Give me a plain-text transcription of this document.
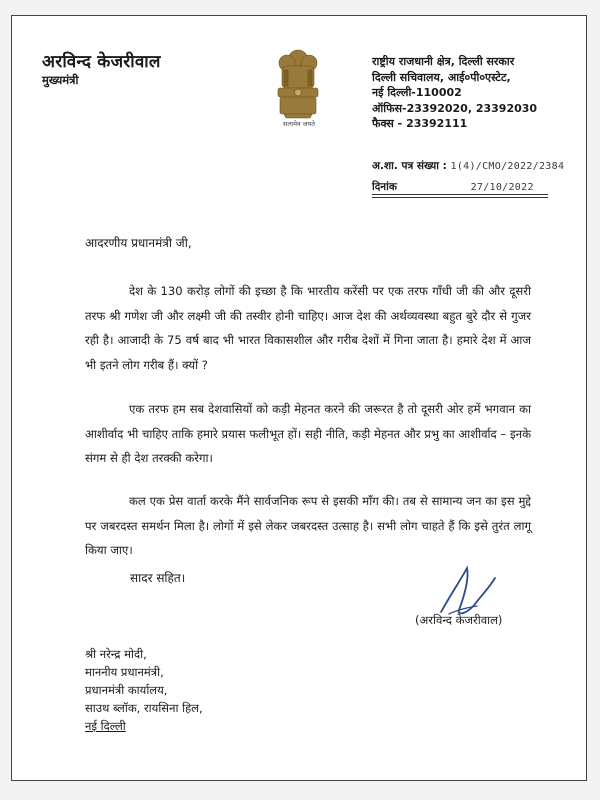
अरविन्द केजरीवाल
मुख्यमंत्री
सत्यमेव जयते
राष्ट्रीय राजधानी क्षेत्र, दिल्ली सरकार
दिल्ली सचिवालय, आई०पी०एस्टेट,
नई दिल्ली-110002
ऑफिस-23392020, 23392030
फैक्स - 23392111
अ.शा. पत्र संख्या : 1(4)/CMO/2022/2384
दिनांक	27/10/2022
आदरणीय प्रधानमंत्री जी,

देश के 130 करोड़ लोगों की इच्छा है कि भारतीय करेंसी पर एक तरफ गाँधी जी की और दूसरी तरफ श्री गणेश जी और लक्ष्मी जी की तस्वीर होनी चाहिए। आज देश की अर्थव्यवस्था बहुत बुरे दौर से गुजर रही है। आजादी के 75 वर्ष बाद भी भारत विकासशील और गरीब देशों में गिना जाता है। हमारे देश में आज भी इतने लोग गरीब हैं। क्यों ?

एक तरफ हम सब देशवासियों को कड़ी मेहनत करने की जरूरत है तो दूसरी ओर हमें भगवान का आशीर्वाद भी चाहिए ताकि हमारे प्रयास फलीभूत हों। सही नीति, कड़ी मेहनत और प्रभु का आशीर्वाद – इनके संगम से ही देश तरक्की करेगा।

कल एक प्रेस वार्ता करके मैंने सार्वजनिक रूप से इसकी माँग की। तब से सामान्य जन का इस मुद्दे पर जबरदस्त समर्थन मिला है। लोगों में इसे लेकर जबरदस्त उत्साह है। सभी लोग चाहते हैं कि इसे तुरंत लागू किया जाए।

सादर सहित।
(अरविन्द केजरीवाल)
श्री नरेन्द्र मोदी,
माननीय प्रधानमंत्री,
प्रधानमंत्री कार्यालय,
साउथ ब्लॉक, रायसिना हिल,
नई दिल्ली
